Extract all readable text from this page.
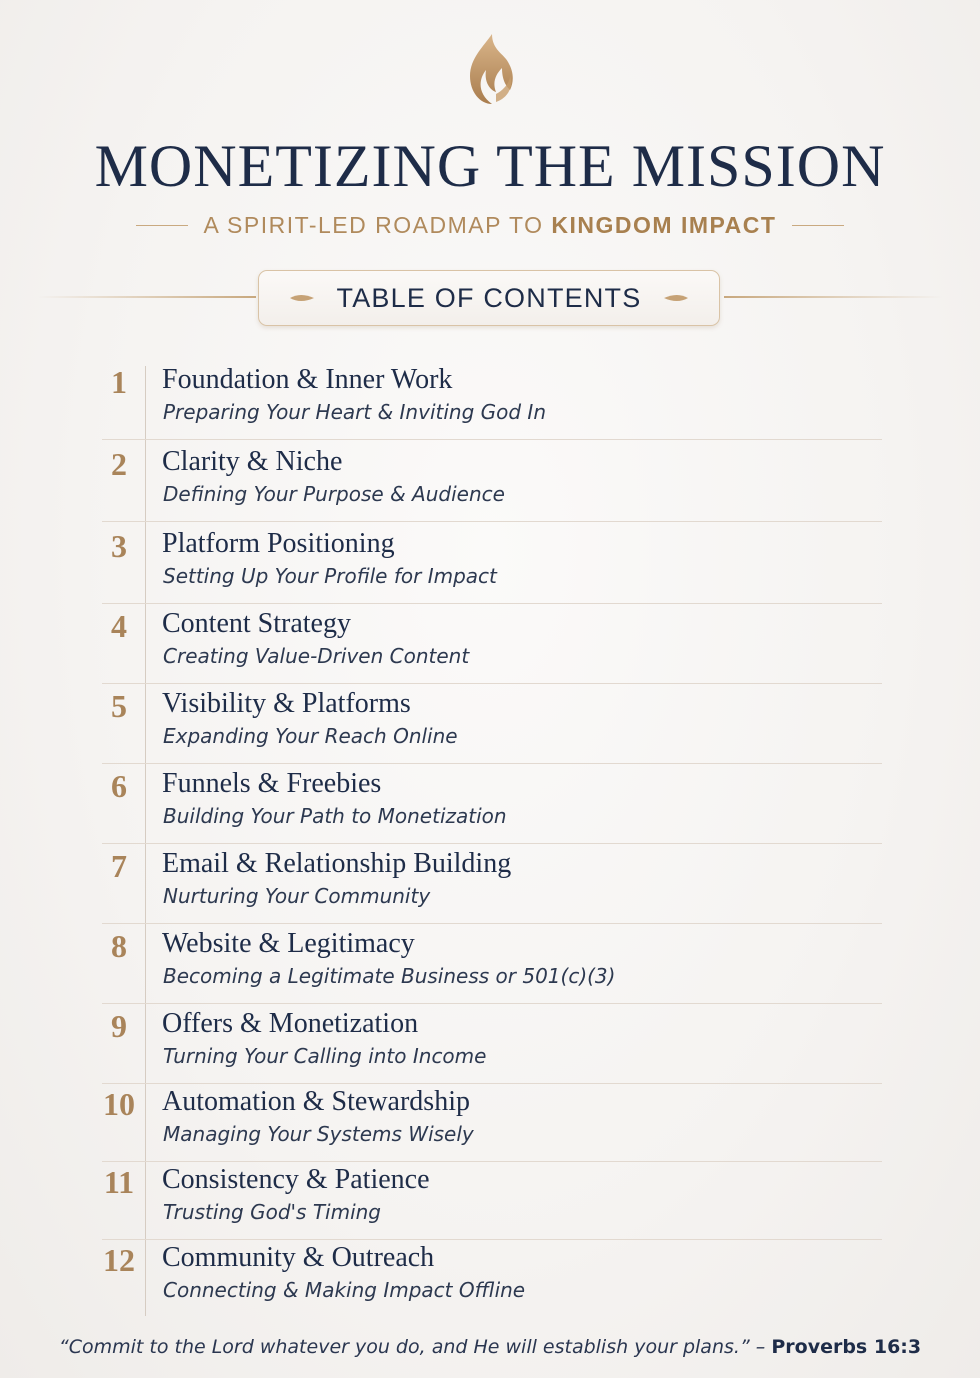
MONETIZING THE MISSION
A SPIRIT-LED ROADMAP TO KINGDOM IMPACT
TABLE OF CONTENTS
1	Foundation & Inner Work
Preparing Your Heart & Inviting God In
2	Clarity & Niche
Defining Your Purpose & Audience
3	Platform Positioning
Setting Up Your Profile for Impact
4	Content Strategy
Creating Value-Driven Content
5	Visibility & Platforms
Expanding Your Reach Online
6	Funnels & Freebies
Building Your Path to Monetization
7	Email & Relationship Building
Nurturing Your Community
8	Website & Legitimacy
Becoming a Legitimate Business or 501(c)(3)
9	Offers & Monetization
Turning Your Calling into Income
10 Automation & Stewardship
Managing Your Systems Wisely
11 Consistency & Patience
Trusting God's Timing
12 Community & Outreach
Connecting & Making Impact Offline

“Commit to the Lord whatever you do, and He will establish your plans.” – Proverbs 16:3
